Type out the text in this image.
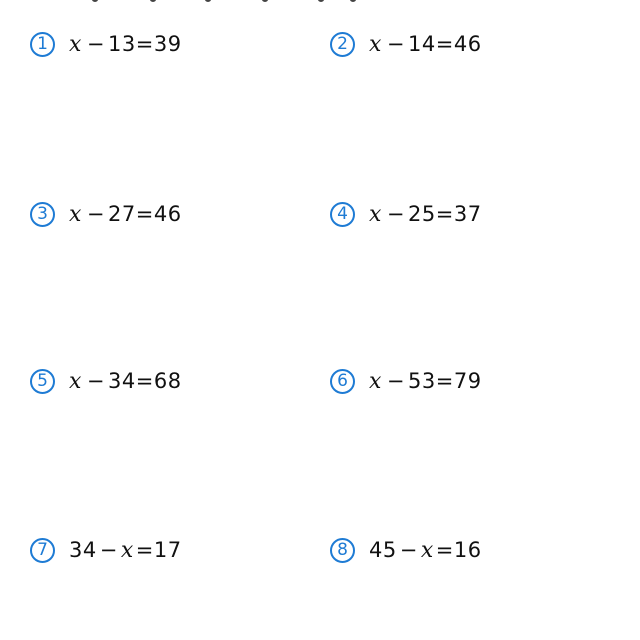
1 x − 13=39	2 x − 14=46
3 x − 27=46	4 x − 25=37
5 x − 34=68	6 x − 53=79
7	34 − x=17	8	45 − x=16
